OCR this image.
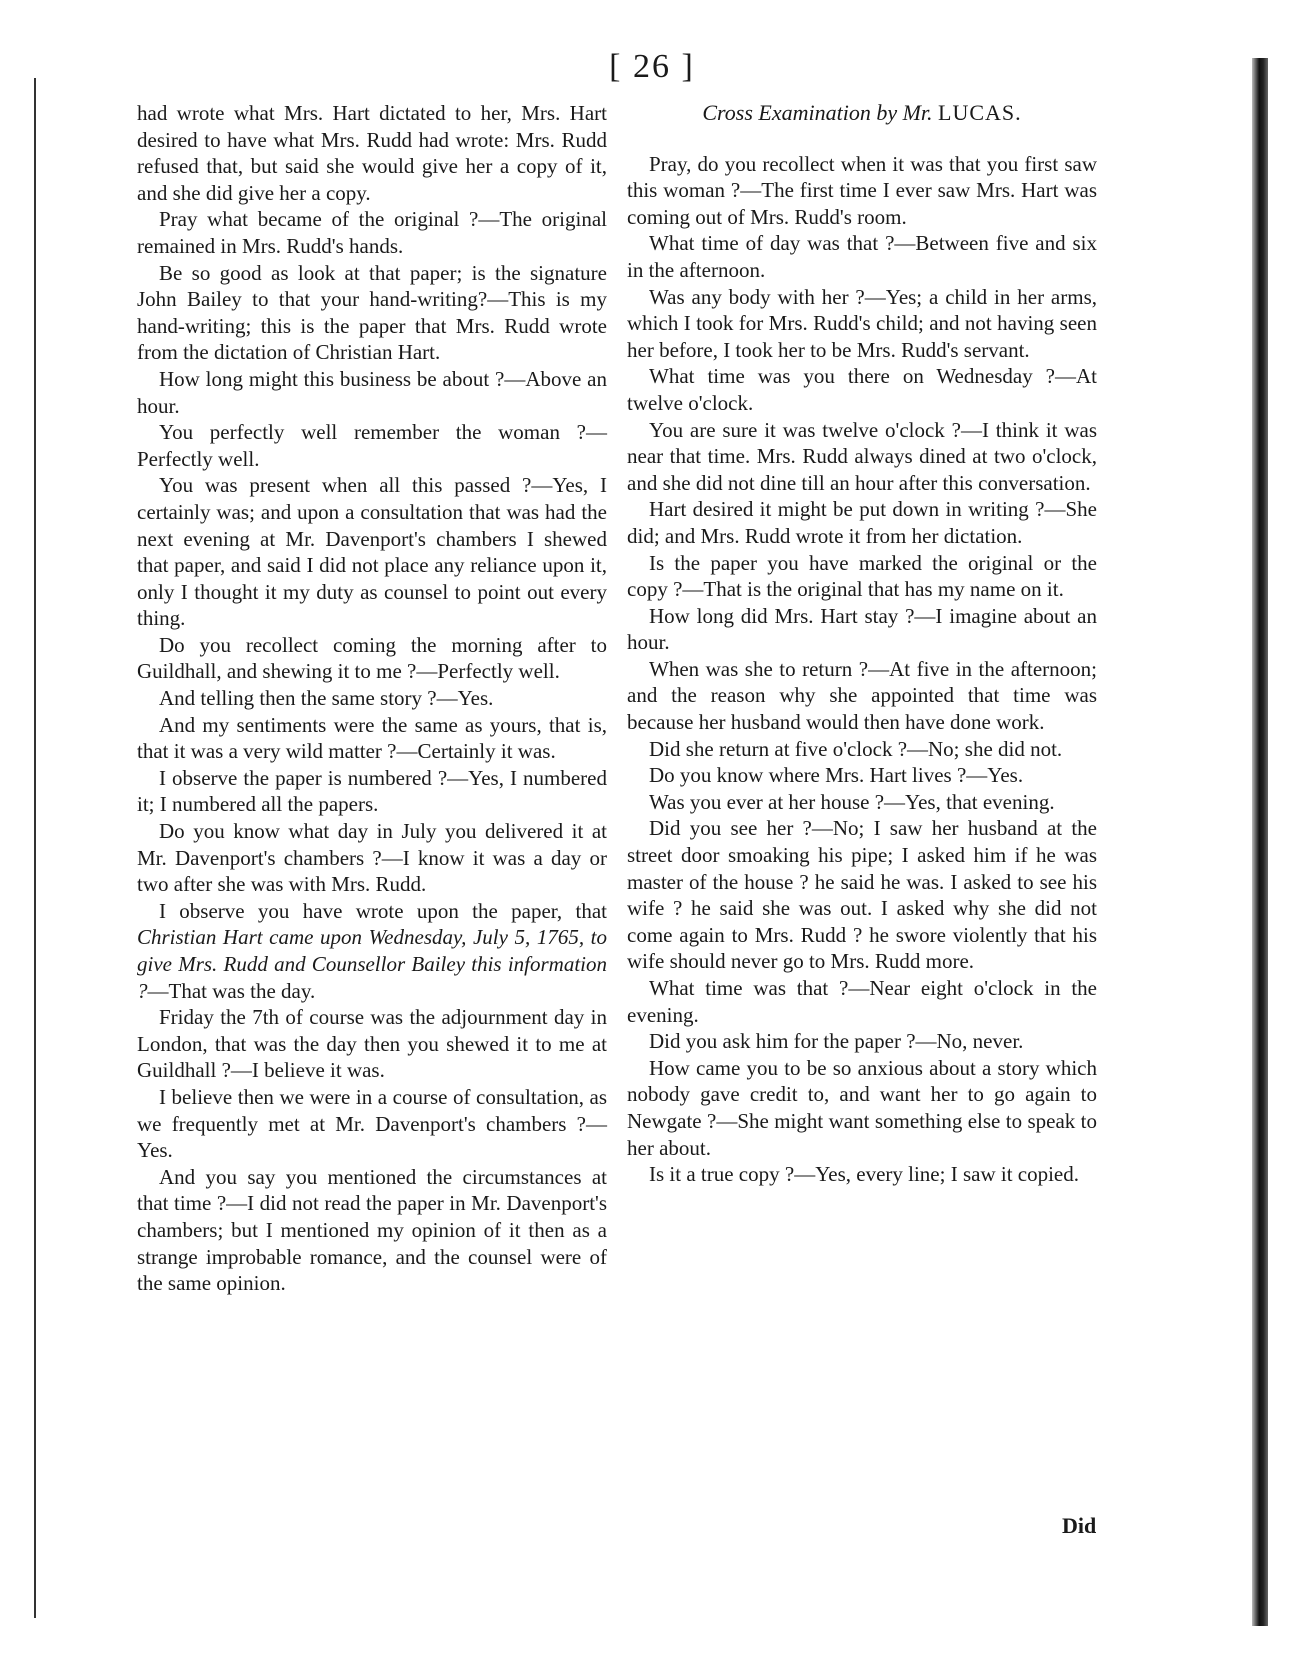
[ 26 ]

had wrote what Mrs. Hart dictated to her, Mrs. Hart desired to have what Mrs. Rudd had wrote: Mrs. Rudd refused that, but said she would give her a copy of it, and she did give her a copy.

Pray what became of the original ?—The original remained in Mrs. Rudd's hands.

Be so good as look at that paper; is the signature John Bailey to that your hand-writing?—This is my hand-writing; this is the paper that Mrs. Rudd wrote from the dictation of Christian Hart.

How long might this business be about ?—Above an hour.

You perfectly well remember the woman ?—Perfectly well.

You was present when all this passed ?—Yes, I certainly was; and upon a consultation that was had the next evening at Mr. Davenport's chambers I shewed that paper, and said I did not place any reliance upon it, only I thought it my duty as counsel to point out every thing.

Do you recollect coming the morning after to Guildhall, and shewing it to me ?—Perfectly well.

And telling then the same story ?—Yes.

And my sentiments were the same as yours, that is, that it was a very wild matter ?—Certainly it was.

I observe the paper is numbered ?—Yes, I numbered it; I numbered all the papers.

Do you know what day in July you delivered it at Mr. Davenport's chambers ?—I know it was a day or two after she was with Mrs. Rudd.

I observe you have wrote upon the paper, that Christian Hart came upon Wednesday, July 5, 1765, to give Mrs. Rudd and Counsellor Bailey this information ?—That was the day.

Friday the 7th of course was the adjournment day in London, that was the day then you shewed it to me at Guildhall ?—I believe it was.

I believe then we were in a course of consultation, as we frequently met at Mr. Davenport's chambers ?—Yes.

And you say you mentioned the circumstances at that time ?—I did not read the paper in Mr. Davenport's chambers; but I mentioned my opinion of it then as a strange improbable romance, and the counsel were of the same opinion.

Cross Examination by Mr. LUCAS.

Pray, do you recollect when it was that you first saw this woman ?—The first time I ever saw Mrs. Hart was coming out of Mrs. Rudd's room.

What time of day was that ?—Between five and six in the afternoon.

Was any body with her ?—Yes; a child in her arms, which I took for Mrs. Rudd's child; and not having seen her before, I took her to be Mrs. Rudd's servant.

What time was you there on Wednesday ?—At twelve o'clock.

You are sure it was twelve o'clock ?—I think it was near that time. Mrs. Rudd always dined at two o'clock, and she did not dine till an hour after this conversation.

Hart desired it might be put down in writing ?—She did; and Mrs. Rudd wrote it from her dictation.

Is the paper you have marked the original or the copy ?—That is the original that has my name on it.

How long did Mrs. Hart stay ?—I imagine about an hour.

When was she to return ?—At five in the afternoon; and the reason why she appointed that time was because her husband would then have done work.

Did she return at five o'clock ?—No; she did not.

Do you know where Mrs. Hart lives ?—Yes.

Was you ever at her house ?—Yes, that evening.

Did you see her ?—No; I saw her husband at the street door smoaking his pipe; I asked him if he was master of the house ? he said he was. I asked to see his wife ? he said she was out. I asked why she did not come again to Mrs. Rudd ? he swore violently that his wife should never go to Mrs. Rudd more.

What time was that ?—Near eight o'clock in the evening.

Did you ask him for the paper ?—No, never.

How came you to be so anxious about a story which nobody gave credit to, and want her to go again to Newgate ?—She might want something else to speak to her about.

Is it a true copy ?—Yes, every line; I saw it copied.

Did
